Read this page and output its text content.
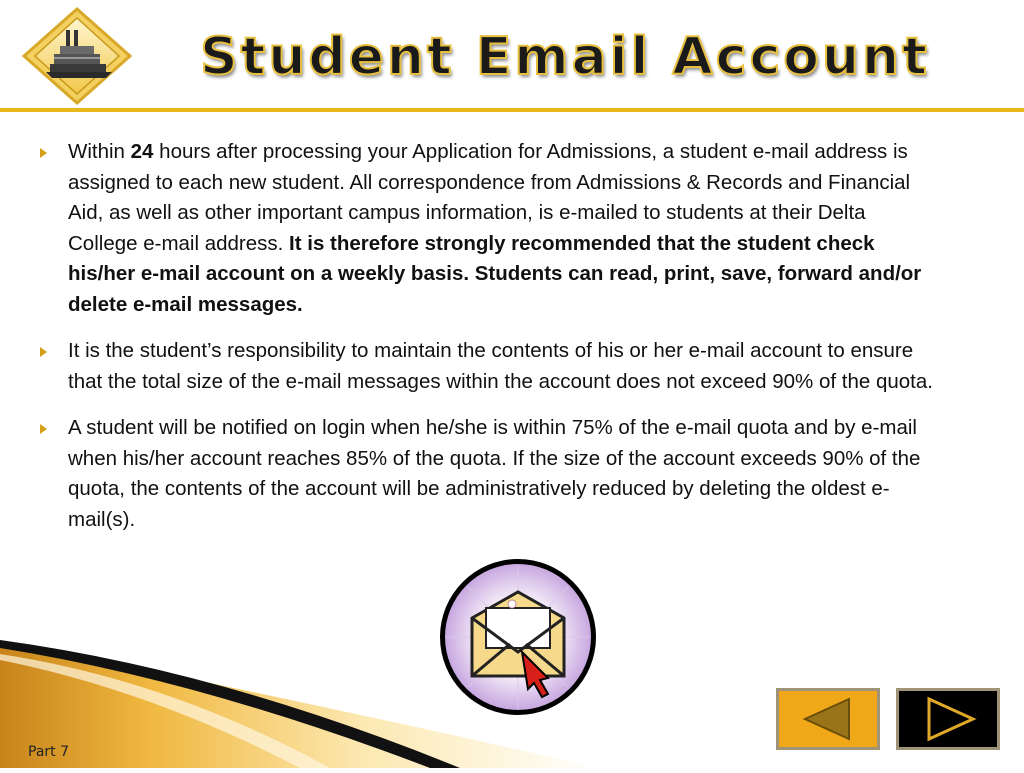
Student Email Account
Within 24 hours after processing your Application for Admissions, a student e-mail address is assigned to each new student. All correspondence from Admissions & Records and Financial Aid, as well as other important campus information, is e-mailed to students at their Delta College e-mail address. It is therefore strongly recommended that the student check his/her e-mail account on a weekly basis. Students can read, print, save, forward and/or delete e-mail messages.
It is the student’s responsibility to maintain the contents of his or her e-mail account to ensure that the total size of the e-mail messages within the account does not exceed 90% of the quota.
A student will be notified on login when he/she is within 75% of the e-mail quota and by e-mail when his/her account reaches 85% of the quota. If the size of the account exceeds 90% of the quota, the contents of the account will be administratively reduced by deleting the oldest e-mail(s).
Part 7
